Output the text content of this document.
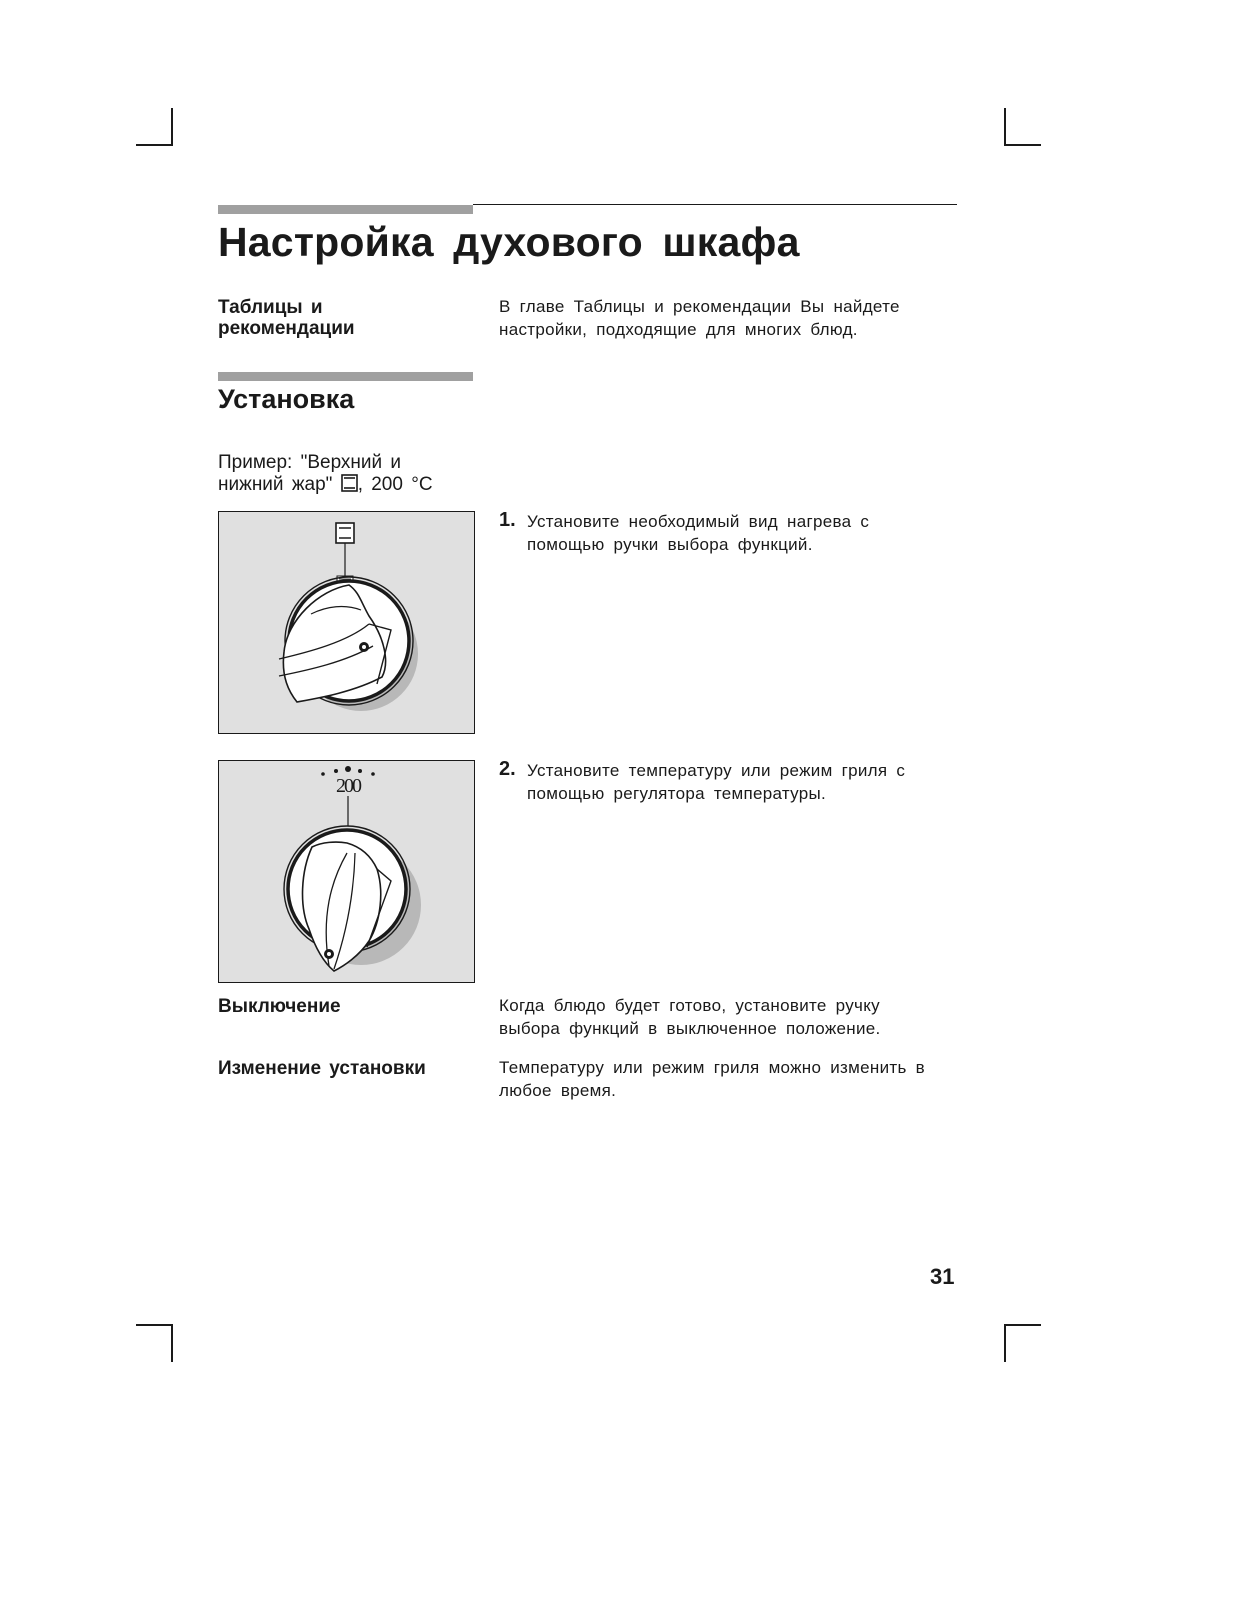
Настройка духового шкафа
Таблицы и рекомендации
В главе Таблицы и рекомендации Вы найдете
настройки, подходящие для многих блюд.
Установка
Пример: "Верхний и
нижний жар" , 200 °C
1. Установите необходимый вид нагрева с
помощью ручки выбора функций.
200
2. Установите температуру или режим гриля с
помощью регулятора температуры.
Выключение	Когда блюдо будет готово, установите ручку
выбора функций в выключенное положение.
Изменение установки	Температуру или режим гриля можно изменить в
любое время.
31
